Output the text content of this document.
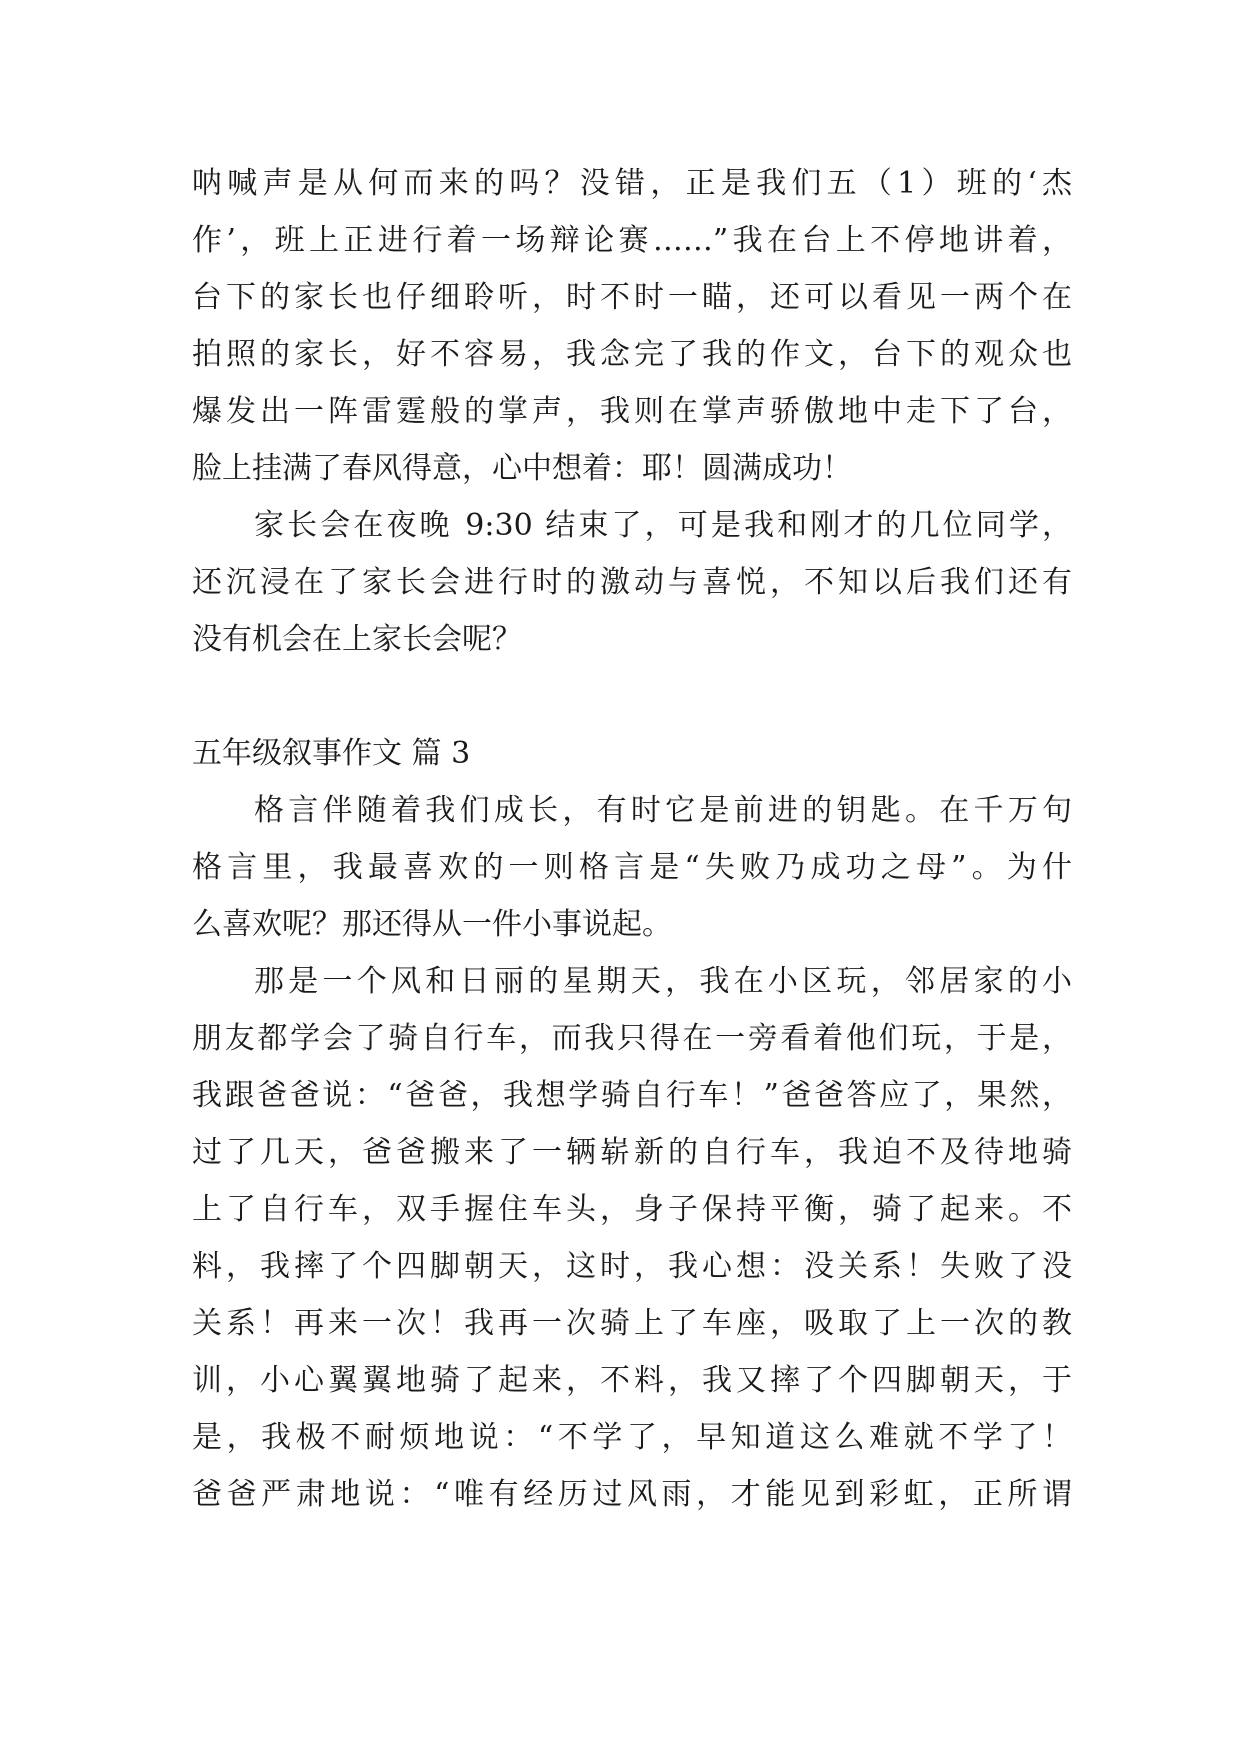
呐喊声是从何而来的吗？没错，正是我们五（1）班的‘杰
作’，班上正进行着一场辩论赛……”我在台上不停地讲着，
台下的家长也仔细聆听，时不时一瞄，还可以看见一两个在
拍照的家长，好不容易，我念完了我的作文，台下的观众也
爆发出一阵雷霆般的掌声，我则在掌声骄傲地中走下了台，
脸上挂满了春风得意，心中想着：耶！圆满成功！
家长会在夜晚 9:30 结束了，可是我和刚才的几位同学，
还沉浸在了家长会进行时的激动与喜悦，不知以后我们还有
没有机会在上家长会呢？
五年级叙事作文 篇 3
格言伴随着我们成长，有时它是前进的钥匙。在千万句
格言里，我最喜欢的一则格言是“失败乃成功之母”。为什
么喜欢呢？那还得从一件小事说起。
那是一个风和日丽的星期天，我在小区玩，邻居家的小
朋友都学会了骑自行车，而我只得在一旁看着他们玩，于是，
我跟爸爸说：“爸爸，我想学骑自行车！”爸爸答应了，果然，
过了几天，爸爸搬来了一辆崭新的自行车，我迫不及待地骑
上了自行车，双手握住车头，身子保持平衡，骑了起来。不
料，我摔了个四脚朝天，这时，我心想：没关系！失败了没
关系！再来一次！我再一次骑上了车座，吸取了上一次的教
训，小心翼翼地骑了起来，不料，我又摔了个四脚朝天，于
是，我极不耐烦地说：“不学了，早知道这么难就不学了！
爸爸严肃地说：“唯有经历过风雨，才能见到彩虹，正所谓
